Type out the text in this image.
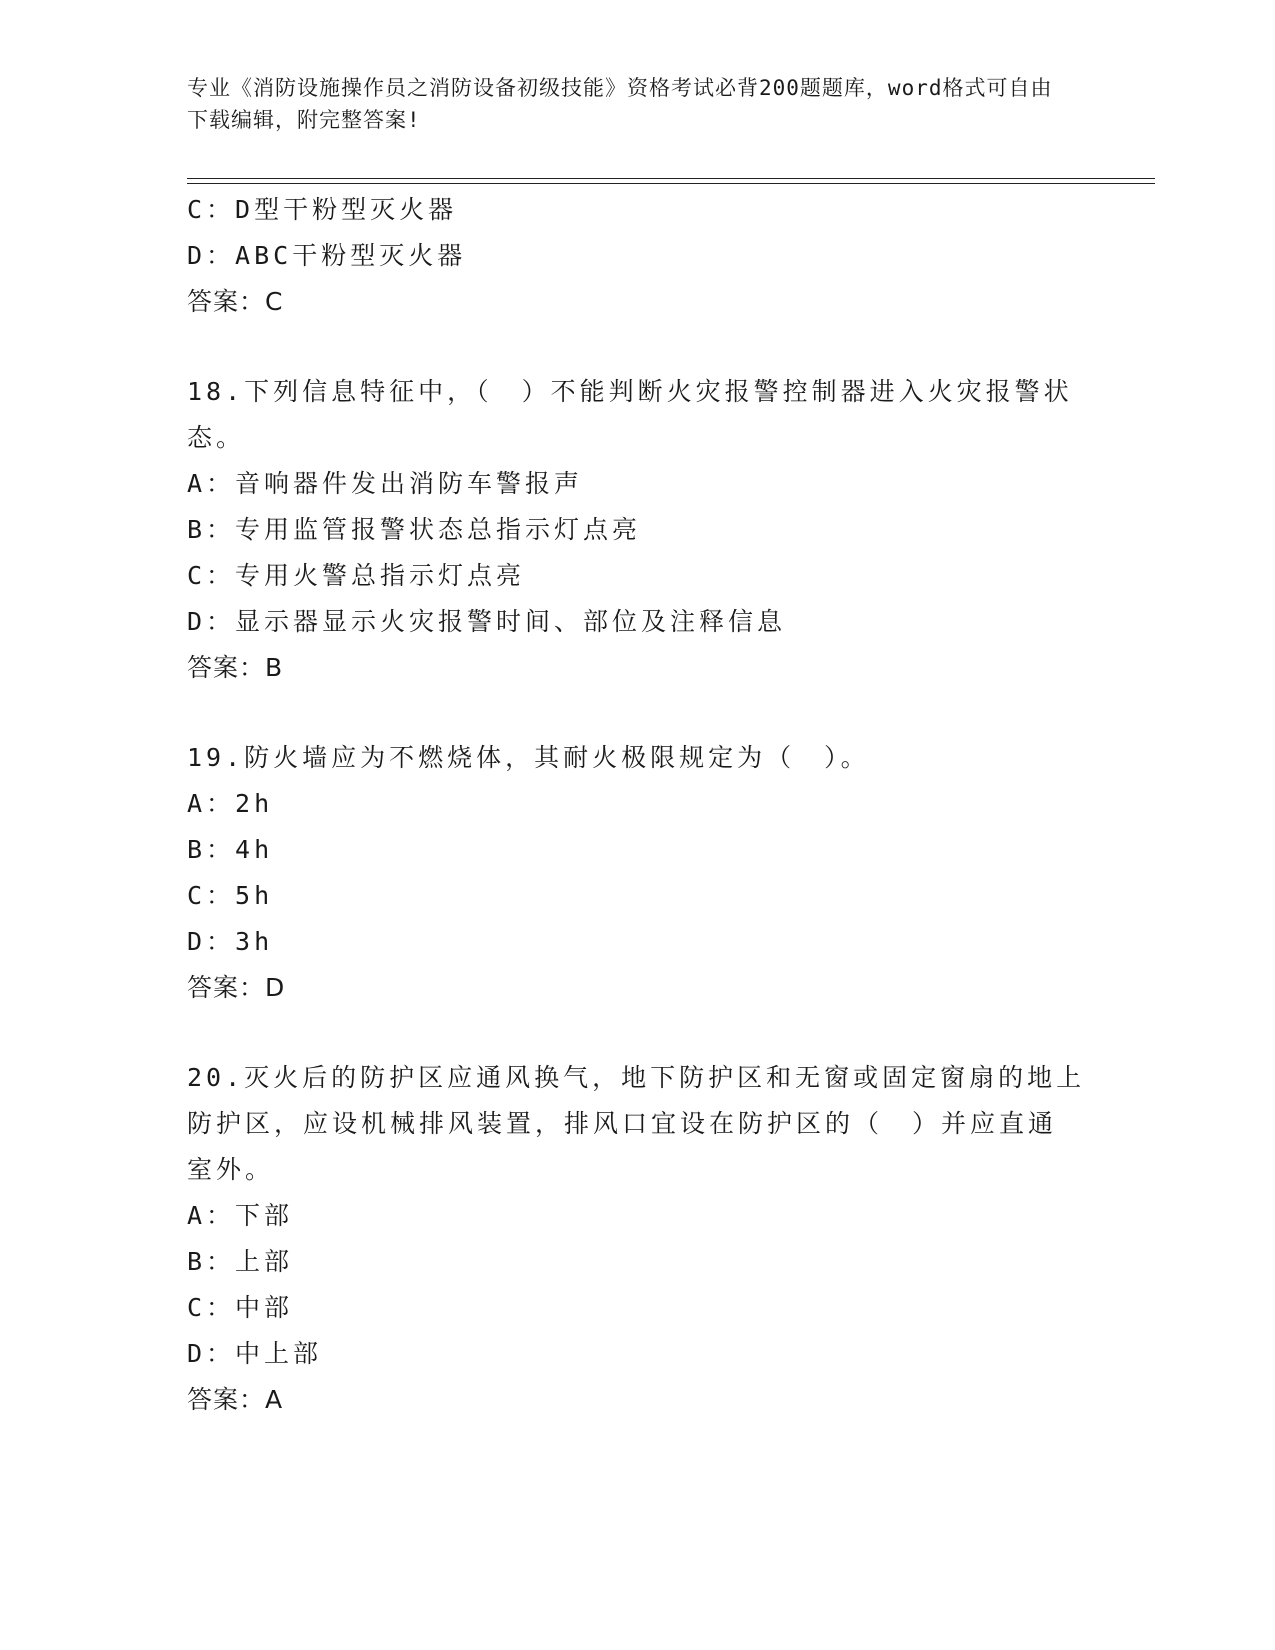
专业《消防设施操作员之消防设备初级技能》资格考试必背200题题库，word格式可自由下载编辑，附完整答案!
C：D型干粉型灭火器
D：ABC干粉型灭火器
答案：C
18.下列信息特征中，（　）不能判断火灾报警控制器进入火灾报警状
态。
A：音响器件发出消防车警报声
B：专用监管报警状态总指示灯点亮
C：专用火警总指示灯点亮
D：显示器显示火灾报警时间、部位及注释信息
答案：B
19.防火墙应为不燃烧体，其耐火极限规定为（　）。
A：2h
B：4h
C：5h
D：3h
答案：D
20.灭火后的防护区应通风换气，地下防护区和无窗或固定窗扇的地上
防护区，应设机械排风装置，排风口宜设在防护区的（　）并应直通
室外。
A：下部
B：上部
C：中部
D：中上部
答案：A
